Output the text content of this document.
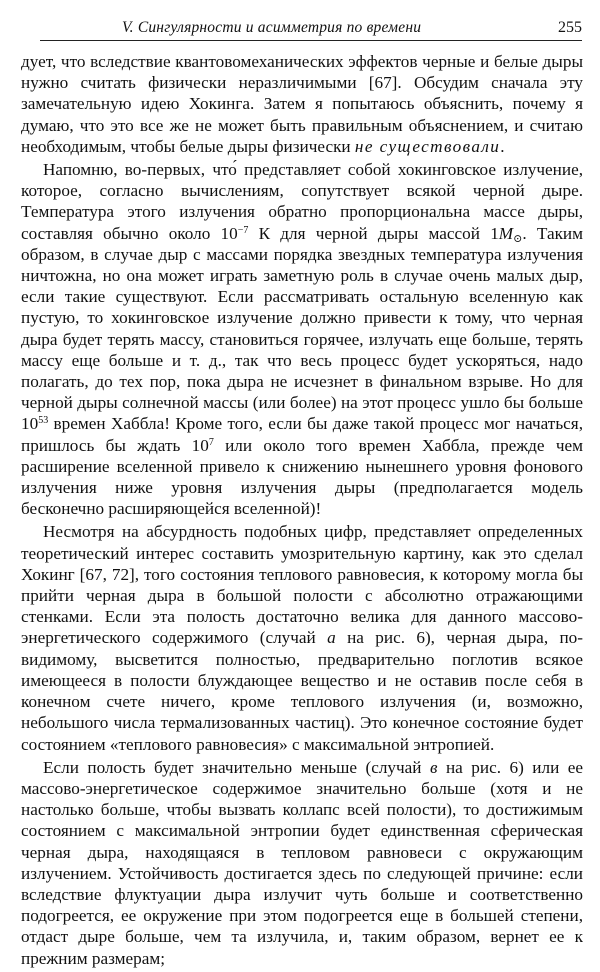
V. Сингулярности и асимметрия по времени	255

дует, что вследствие квантовомеханических эффектов черные и белые дыры нужно считать физически неразличимыми [67]. Обсудим сначала эту замечательную идею Хокинга. Затем я попытаюсь объяснить, почему я думаю, что это все же не может быть правильным объяснением, и считаю необходимым, чтобы белые дыры физически не существовали.

Напомню, во-первых, что́ представляет собой хокинговское излучение, которое, согласно вычислениям, сопутствует всякой черной дыре. Температура этого излучения обратно пропорциональна массе дыры, составляя обычно около $10^{-7}$ К для черной дыры массой $1M_⊙$. Таким образом, в случае дыр с массами порядка звездных температура излучения ничтожна, но она может играть заметную роль в случае очень малых дыр, если такие существуют. Если рассматривать остальную вселенную как пустую, то хокинговское излучение должно привести к тому, что черная дыра будет терять массу, становиться горячее, излучать еще больше, терять массу еще больше и т. д., так что весь процесс будет ускоряться, надо полагать, до тех пор, пока дыра не исчезнет в финальном взрыве. Но для черной дыры солнечной массы (или более) на этот процесс ушло бы больше $10^{53}$ времен Хаббла! Кроме того, если бы даже такой процесс мог начаться, пришлось бы ждать $10^7$ или около того времен Хаббла, прежде чем расширение вселенной привело к снижению нынешнего уровня фонового излучения ниже уровня излучения дыры (предполагается модель бесконечно расширяющейся вселенной)!

Несмотря на абсурдность подобных цифр, представляет определенных теоретический интерес составить умозрительную картину, как это сделал Хокинг [67, 72], того состояния теплового равновесия, к которому могла бы прийти черная дыра в большой полости с абсолютно отражающими стенками. Если эта полость достаточно велика для данного массово-энергетического содержимого (случай a на рис. 6), черная дыра, по-видимому, высветится полностью, предварительно поглотив всякое имеющееся в полости блуждающее вещество и не оставив после себя в конечном счете ничего, кроме теплового излучения (и, возможно, небольшого числа термализованных частиц). Это конечное состояние будет состоянием «теплового равновесия» с максимальной энтропией.

Если полость будет значительно меньше (случай в на рис. 6) или ее массово-энергетическое содержимое значительно больше (хотя и не настолько больше, чтобы вызвать коллапс всей полости), то достижимым состоянием с максимальной энтропии будет единственная сферическая черная дыра, находящаяся в тепловом равновеси с окружающим излучением. Устойчивость достигается здесь по следующей причине: если вследствие флуктуации дыра излучит чуть больше и соответственно подогреется, ее окружение при этом подогреется еще в большей степени, отдаст дыре больше, чем та излучила, и, таким образом, вернет ее к прежним размерам;
